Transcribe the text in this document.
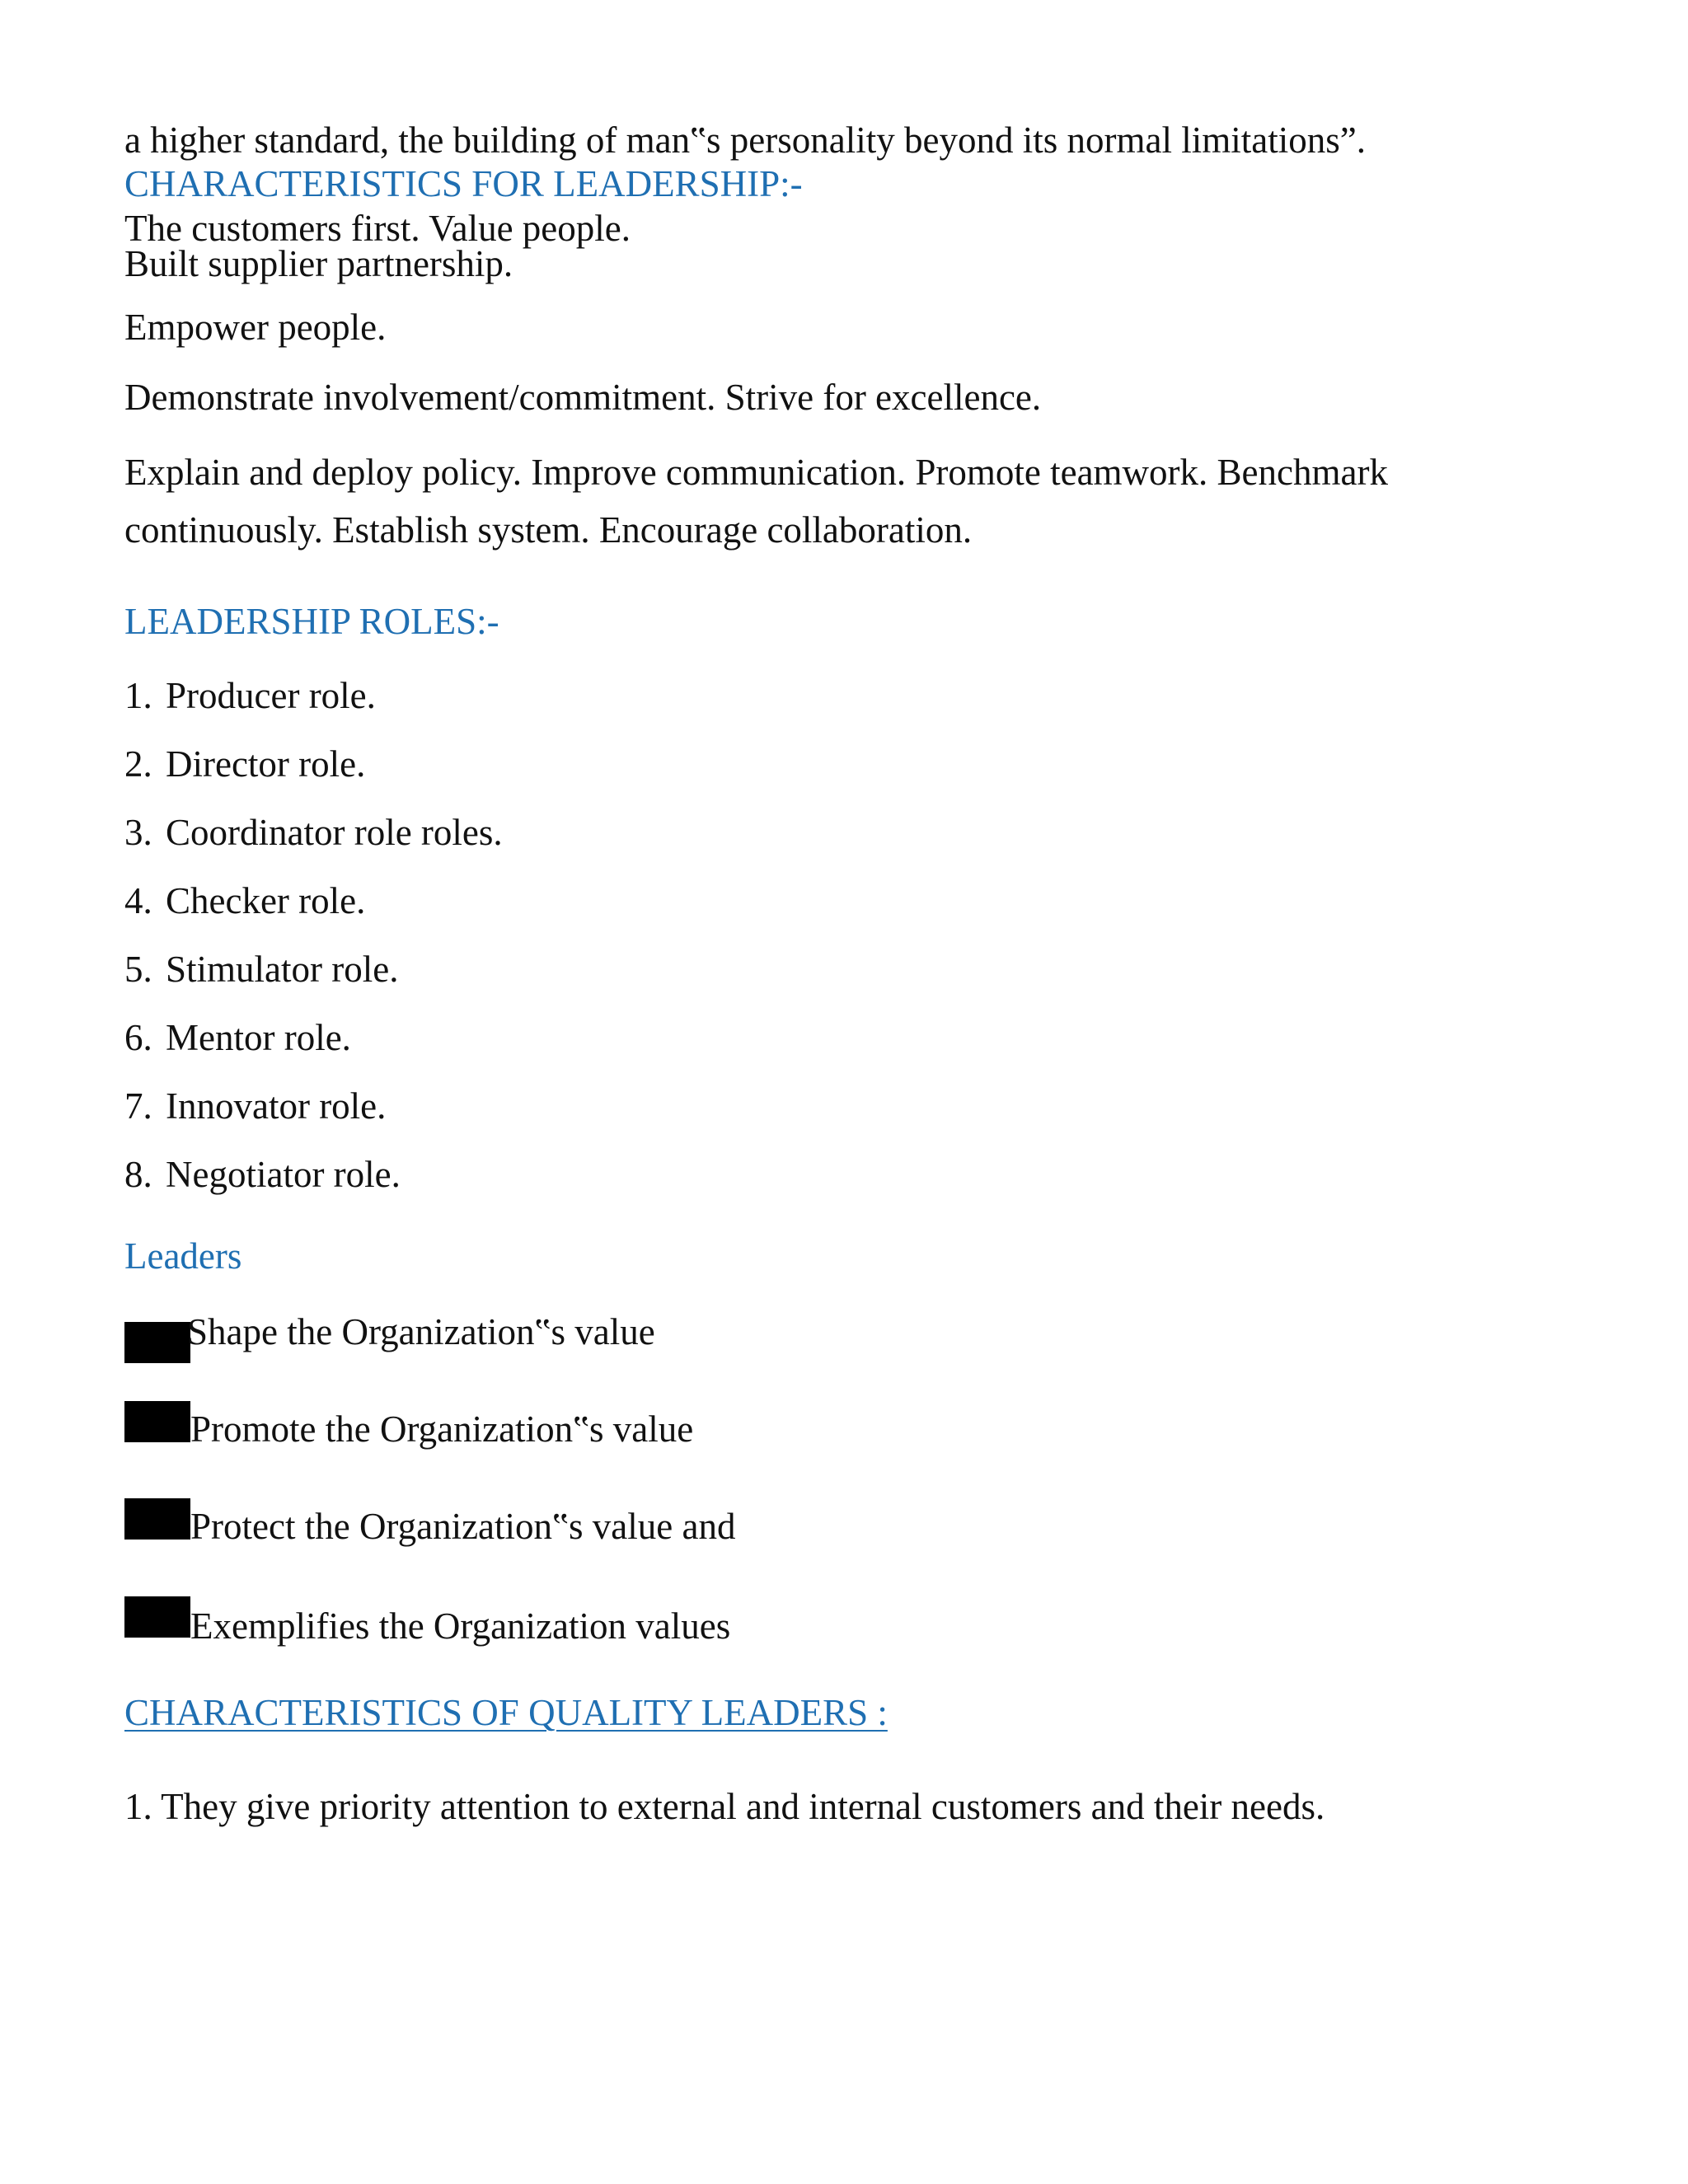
a higher standard, the building of man‟s personality beyond its normal limitations”.
CHARACTERISTICS FOR LEADERSHIP:-
The customers first. Value people.
Built supplier partnership.
Empower people.
Demonstrate involvement/commitment. Strive for excellence.
Explain and deploy policy. Improve communication. Promote teamwork. Benchmark
continuously. Establish system. Encourage collaboration.
LEADERSHIP ROLES:-
1. Producer role.
2. Director role.
3. Coordinator role roles.
4. Checker role.
5. Stimulator role.
6. Mentor role.
7. Innovator role.
8. Negotiator role.
Leaders
Shape the Organization‟s value
Promote the Organization‟s value
Protect the Organization‟s value and
Exemplifies the Organization values
CHARACTERISTICS OF QUALITY LEADERS :
1. They give priority attention to external and internal customers and their needs.
